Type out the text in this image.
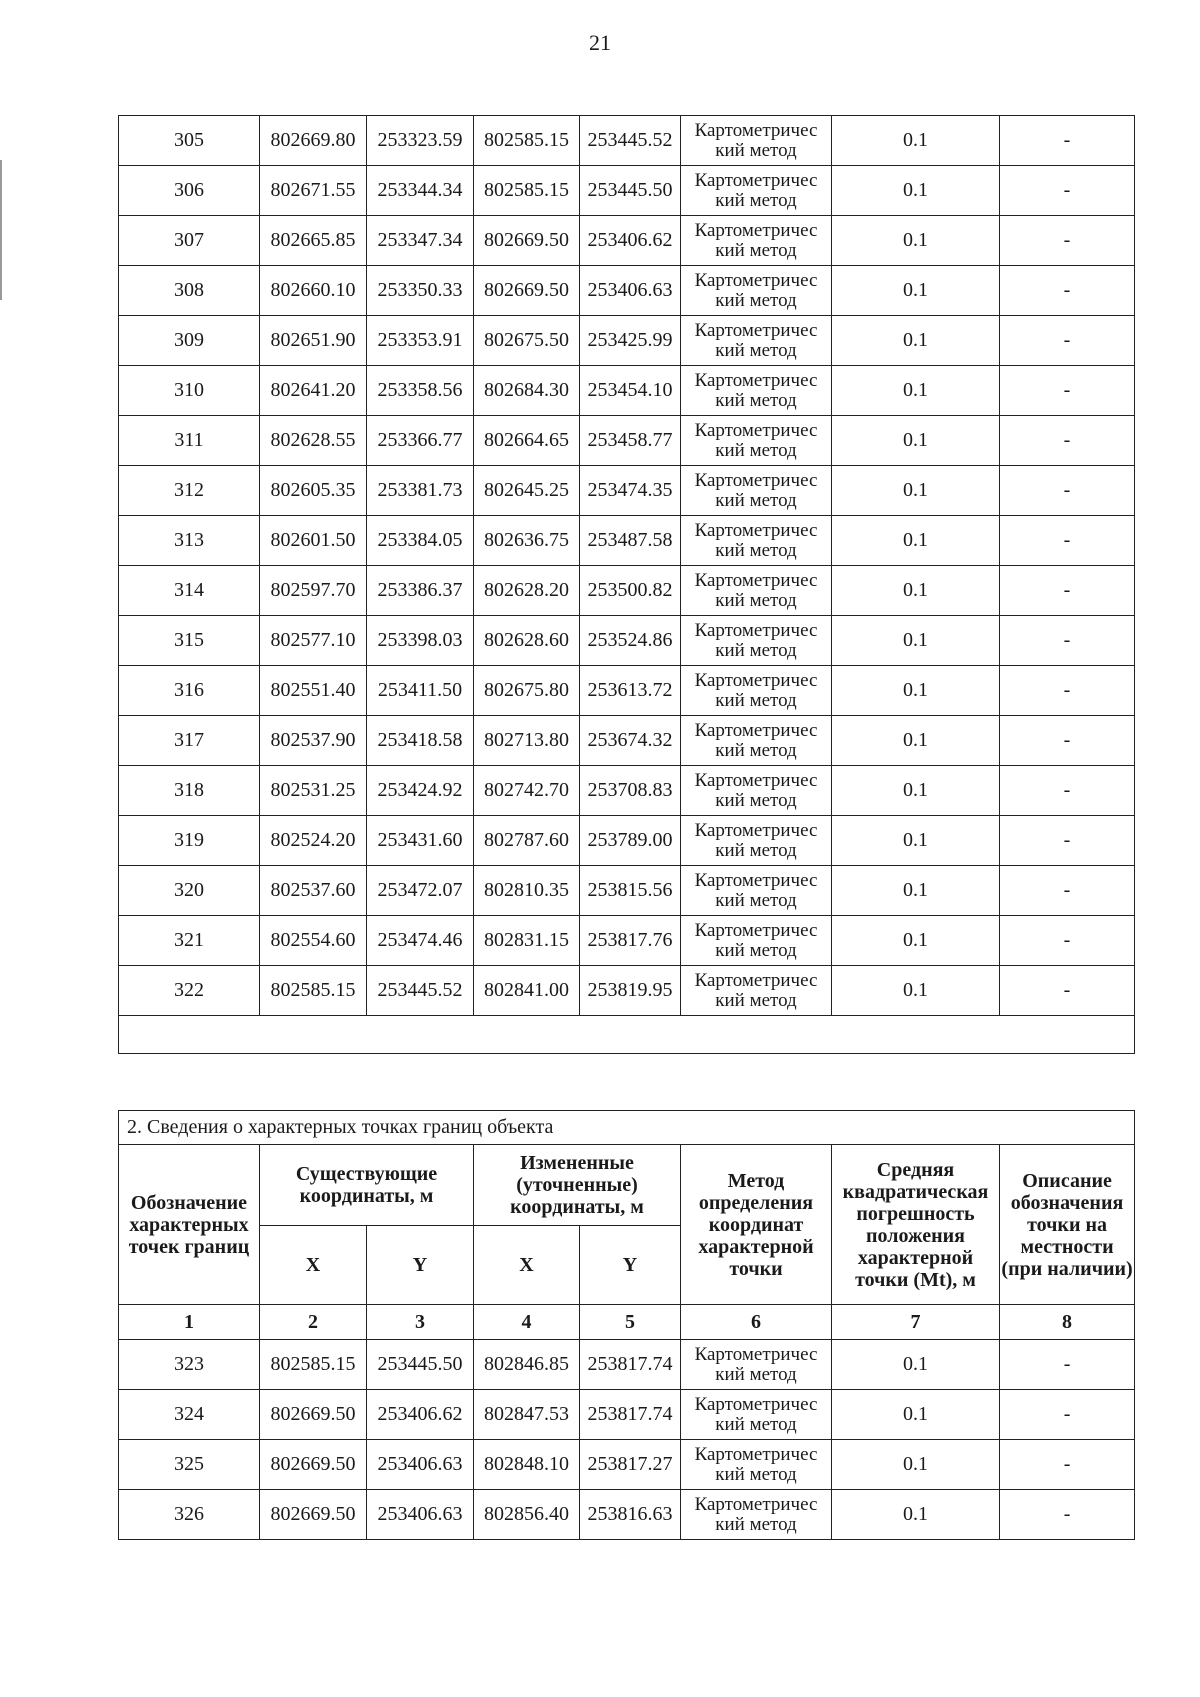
21
305	802669.80	253323.59	802585.15	253445.52	Картометричес кий метод	0.1	-
306	802671.55	253344.34	802585.15	253445.50	Картометричес кий метод	0.1	-
307	802665.85	253347.34	802669.50	253406.62	Картометричес кий метод	0.1	-
308	802660.10	253350.33	802669.50	253406.63	Картометричес кий метод	0.1	-
309	802651.90	253353.91	802675.50	253425.99	Картометричес кий метод	0.1	-
310	802641.20	253358.56	802684.30	253454.10	Картометричес кий метод	0.1	-
311	802628.55	253366.77	802664.65	253458.77	Картометричес кий метод	0.1	-
312	802605.35	253381.73	802645.25	253474.35	Картометричес кий метод	0.1	-
313	802601.50	253384.05	802636.75	253487.58	Картометричес кий метод	0.1	-
314	802597.70	253386.37	802628.20	253500.82	Картометричес кий метод	0.1	-
315	802577.10	253398.03	802628.60	253524.86	Картометричес кий метод	0.1	-
316	802551.40	253411.50	802675.80	253613.72	Картометричес кий метод	0.1	-
317	802537.90	253418.58	802713.80	253674.32	Картометричес кий метод	0.1	-
318	802531.25	253424.92	802742.70	253708.83	Картометричес кий метод	0.1	-
319	802524.20	253431.60	802787.60	253789.00	Картометричес кий метод	0.1	-
320	802537.60	253472.07	802810.35	253815.56	Картометричес кий метод	0.1	-
321	802554.60	253474.46	802831.15	253817.76	Картометричес кий метод	0.1	-
322	802585.15	253445.52	802841.00	253819.95	Картометричес кий метод	0.1	-

2. Сведения о характерных точках границ объекта							
Обозначение характерных точек границ	Существующие координаты, м		Измененные (уточненные) координаты, м		Метод определения координат характерной точки	Средняя квадратическая погрешность положения характерной точки (Mt), м	Описание обозначения точки на местности (при наличии)
	X	Y	X	Y			
1	2	3	4	5	6	7	8
323	802585.15	253445.50	802846.85	253817.74	Картометричес кий метод	0.1	-
324	802669.50	253406.62	802847.53	253817.74	Картометричес кий метод	0.1	-
325	802669.50	253406.63	802848.10	253817.27	Картометричес кий метод	0.1	-
326	802669.50	253406.63	802856.40	253816.63	Картометричес кий метод	0.1	-
